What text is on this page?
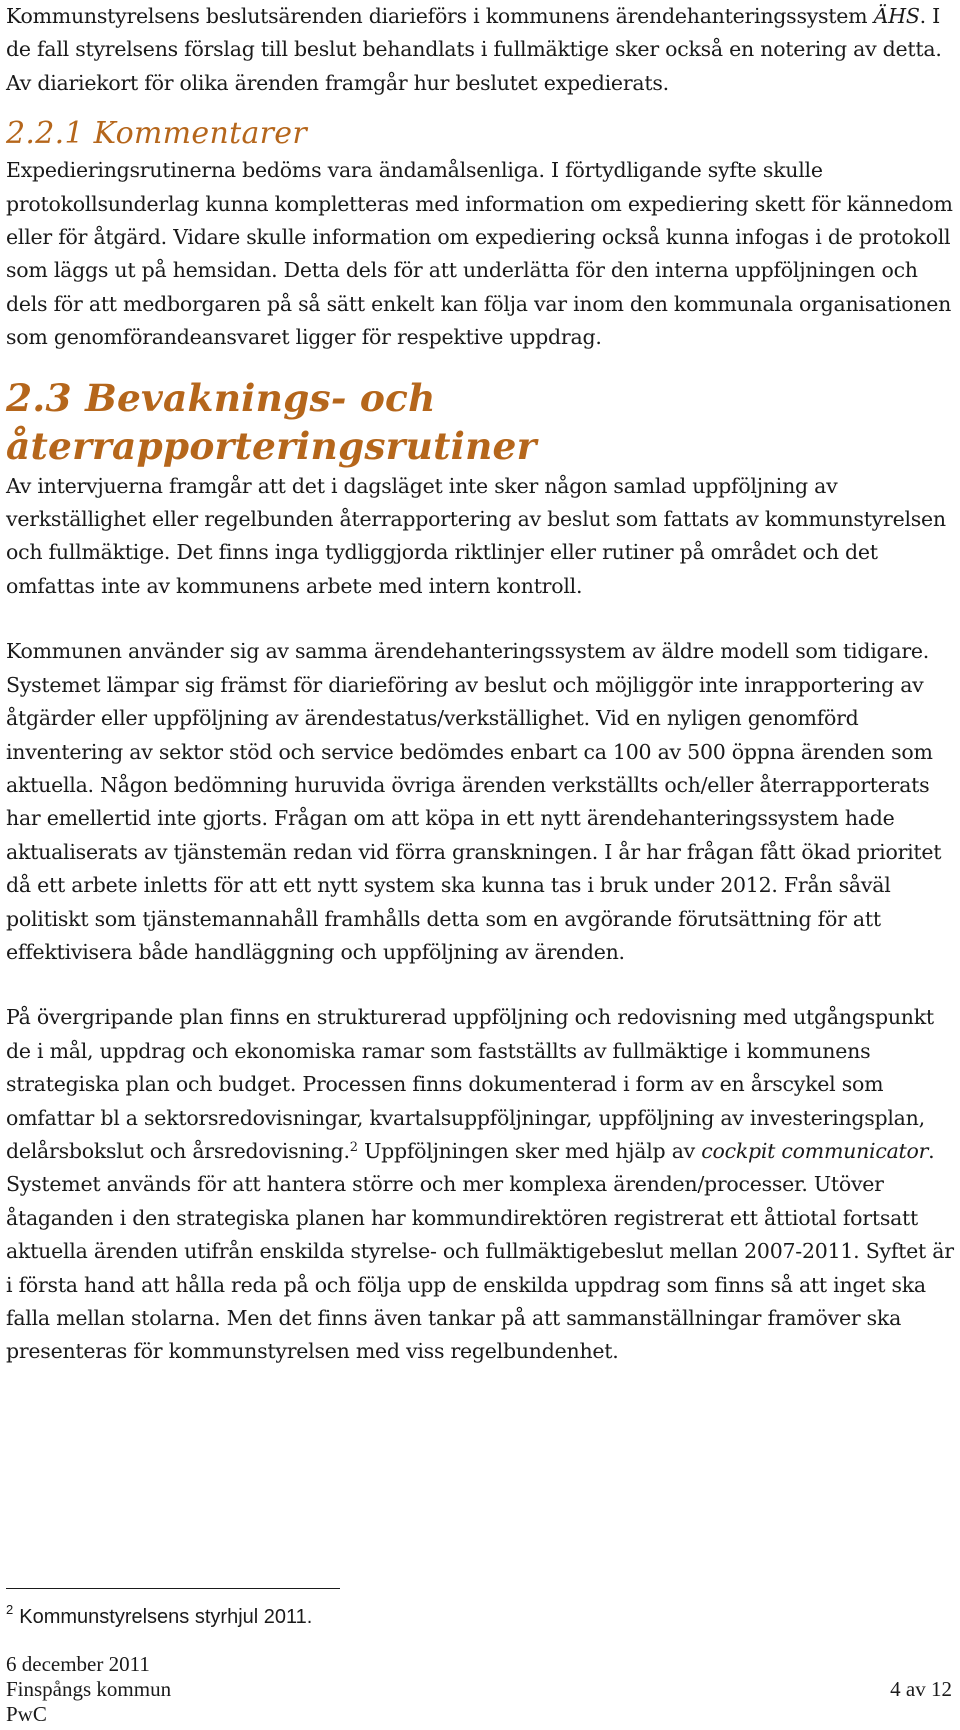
Kommunstyrelsens beslutsärenden diarieförs i kommunens ärendehanteringssystem ÄHS. I de fall styrelsens förslag till beslut behandlats i fullmäktige sker också en notering av detta. Av diariekort för olika ärenden framgår hur beslutet expedierats.

2.2.1 Kommentarer

Expedieringsrutinerna bedöms vara ändamålsenliga. I förtydligande syfte skulle protokollsunderlag kunna kompletteras med information om expediering skett för kännedom eller för åtgärd. Vidare skulle information om expediering också kunna infogas i de protokoll som läggs ut på hemsidan. Detta dels för att underlätta för den interna uppföljningen och dels för att medborgaren på så sätt enkelt kan följa var inom den kommunala organisationen som genomförandeansvaret ligger för respektive uppdrag.

2.3 Bevaknings- och återrapporteringsrutiner

Av intervjuerna framgår att det i dagsläget inte sker någon samlad uppföljning av verkställighet eller regelbunden återrapportering av beslut som fattats av kommunstyrelsen och fullmäktige. Det finns inga tydliggjorda riktlinjer eller rutiner på området och det omfattas inte av kommunens arbete med intern kontroll.

Kommunen använder sig av samma ärendehanteringssystem av äldre modell som tidigare. Systemet lämpar sig främst för diarieföring av beslut och möjliggör inte inrapportering av åtgärder eller uppföljning av ärendestatus/verkställighet. Vid en nyligen genomförd inventering av sektor stöd och service bedömdes enbart ca 100 av 500 öppna ärenden som aktuella. Någon bedömning huruvida övriga ärenden verkställts och/eller återrapporterats har emellertid inte gjorts. Frågan om att köpa in ett nytt ärendehanteringssystem hade aktualiserats av tjänstemän redan vid förra granskningen. I år har frågan fått ökad prioritet då ett arbete inletts för att ett nytt system ska kunna tas i bruk under 2012. Från såväl politiskt som tjänstemannahåll framhålls detta som en avgörande förutsättning för att effektivisera både handläggning och uppföljning av ärenden.

På övergripande plan finns en strukturerad uppföljning och redovisning med utgångspunkt de i mål, uppdrag och ekonomiska ramar som fastställts av fullmäktige i kommunens strategiska plan och budget. Processen finns dokumenterad i form av en årscykel som omfattar bl a sektorsredovisningar, kvartalsuppföljningar, uppföljning av investeringsplan, delårsbokslut och årsredovisning.$^2$ Uppföljningen sker med hjälp av cockpit communicator. Systemet används för att hantera större och mer komplexa ärenden/processer. Utöver åtaganden i den strategiska planen har kommundirektören registrerat ett åttiotal fortsatt aktuella ärenden utifrån enskilda styrelse- och fullmäktigebeslut mellan 2007-2011. Syftet är i första hand att hålla reda på och följa upp de enskilda uppdrag som finns så att inget ska falla mellan stolarna. Men det finns även tankar på att sammanställningar framöver ska presenteras för kommunstyrelsen med viss regelbundenhet.

$^2$ Kommunstyrelsens styrhjul 2011.
6 december 2011
Finspångs kommun
PwC
4 av 12
